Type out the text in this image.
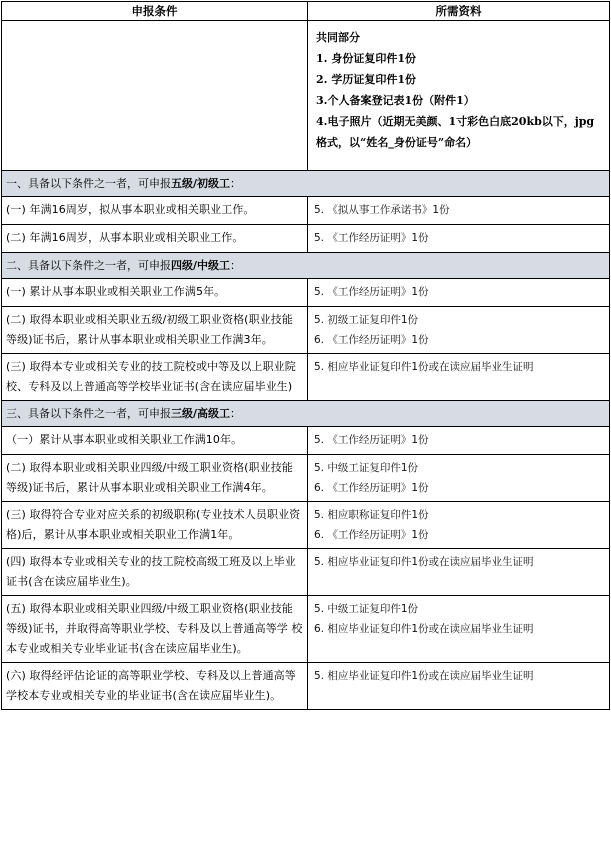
申报条件	所需资料

	共同部分
1. 身份证复印件1份
2. 学历证复印件1份
3.个人备案登记表1份（附件1）
4.电子照片（近期无美颜、1寸彩色白底20kb以下，jpg格式，以“姓名_身份证号”命名）

一、具备以下条件之一者，可申报五级/初级工：	
(一) 年满16周岁，拟从事本职业或相关职业工作。	5. 《拟从事工作承诺书》1份

(二) 年满16周岁，从事本职业或相关职业工作。	5. 《工作经历证明》1份

二、具备以下条件之一者，可申报四级/中级工：	
(一) 累计从事本职业或相关职业工作满5年。	5. 《工作经历证明》1份

(二) 取得本职业或相关职业五级/初级工职业资格(职业技能等级)证书后，累计从事本职业或相关职业工作满3年。	5. 初级工证复印件1份
6. 《工作经历证明》1份

(三) 取得本专业或相关专业的技工院校或中等及以上职业院校、专科及以上普通高等学校毕业证书(含在读应届毕业生)	5. 相应毕业证复印件1份或在读应届毕业生证明

三、具备以下条件之一者，可申报三级/高级工：	
（一）累计从事本职业或相关职业工作满10年。	5. 《工作经历证明》1份

(二) 取得本职业或相关职业四级/中级工职业资格(职业技能等级)证书后，累计从事本职业或相关职业工作满4年。	5. 中级工证复印件1份
6. 《工作经历证明》1份

(三) 取得符合专业对应关系的初级职称(专业技术人员职业资格)后，累计从事本职业或相关职业工作满1年。	5. 相应职称证复印件1份
6. 《工作经历证明》1份

(四) 取得本专业或相关专业的技工院校高级工班及以上毕业证书(含在读应届毕业生)。	5. 相应毕业证复印件1份或在读应届毕业生证明

(五) 取得本职业或相关职业四级/中级工职业资格(职业技能等级)证书，并取得高等职业学校、专科及以上普通高等学 校本专业或相关专业毕业证书(含在读应届毕业生)。	5. 中级工证复印件1份
6. 相应毕业证复印件1份或在读应届毕业生证明

(六) 取得经评估论证的高等职业学校、专科及以上普通高等学校本专业或相关专业的毕业证书(含在读应届毕业生)。	5. 相应毕业证复印件1份或在读应届毕业生证明
